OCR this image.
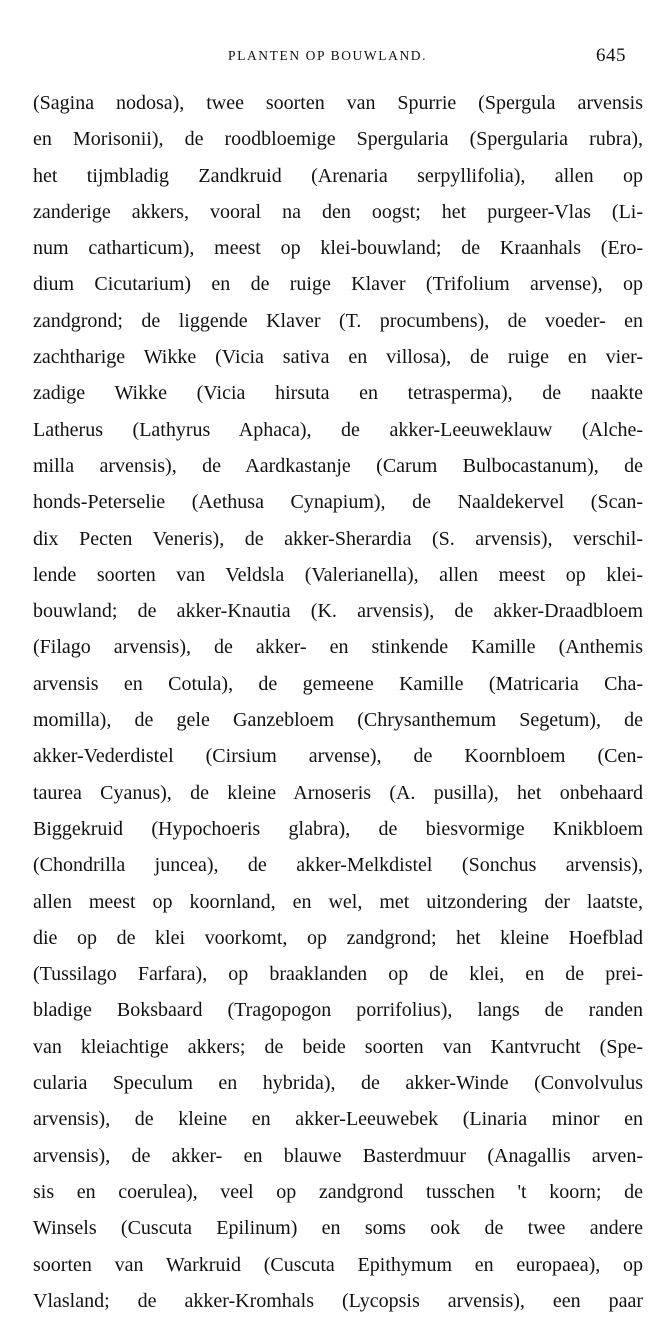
PLANTEN OP BOUWLAND.	645
(Sagina nodosa), twee soorten van Spurrie (Spergula arvensis
en Morisonii), de roodbloemige Spergularia (Spergularia rubra),
het tijmbladig Zandkruid (Arenaria serpyllifolia), allen op
zanderige akkers, vooral na den oogst; het purgeer-Vlas (Li-
num catharticum), meest op klei-bouwland; de Kraanhals (Ero-
dium Cicutarium) en de ruige Klaver (Trifolium arvense), op
zandgrond; de liggende Klaver (T. procumbens), de voeder- en
zachtharige Wikke (Vicia sativa en villosa), de ruige en vier-
zadige Wikke (Vicia hirsuta en tetrasperma), de naakte
Latherus (Lathyrus Aphaca), de akker-Leeuweklauw (Alche-
milla arvensis), de Aardkastanje (Carum Bulbocastanum), de
honds-Peterselie (Aethusa Cynapium), de Naaldekervel (Scan-
dix Pecten Veneris), de akker-Sherardia (S. arvensis), verschil-
lende soorten van Veldsla (Valerianella), allen meest op klei-
bouwland; de akker-Knautia (K. arvensis), de akker-Draadbloem
(Filago arvensis), de akker- en stinkende Kamille (Anthemis
arvensis en Cotula), de gemeene Kamille (Matricaria Cha-
momilla), de gele Ganzebloem (Chrysanthemum Segetum), de
akker-Vederdistel (Cirsium arvense), de Koornbloem (Cen-
taurea Cyanus), de kleine Arnoseris (A. pusilla), het onbehaard
Biggekruid (Hypochoeris glabra), de biesvormige Knikbloem
(Chondrilla juncea), de akker-Melkdistel (Sonchus arvensis),
allen meest op koornland, en wel, met uitzondering der laatste,
die op de klei voorkomt, op zandgrond; het kleine Hoefblad
(Tussilago Farfara), op braaklanden op de klei, en de prei-
bladige Boksbaard (Tragopogon porrifolius), langs de randen
van kleiachtige akkers; de beide soorten van Kantvrucht (Spe-
cularia Speculum en hybrida), de akker-Winde (Convolvulus
arvensis), de kleine en akker-Leeuwebek (Linaria minor en
arvensis), de akker- en blauwe Basterdmuur (Anagallis arven-
sis en coerulea), veel op zandgrond tusschen 't koorn; de
Winsels (Cuscuta Epilinum) en soms ook de twee andere
soorten van Warkruid (Cuscuta Epithymum en europaea), op
Vlasland; de akker-Kromhals (Lycopsis arvensis), een paar
